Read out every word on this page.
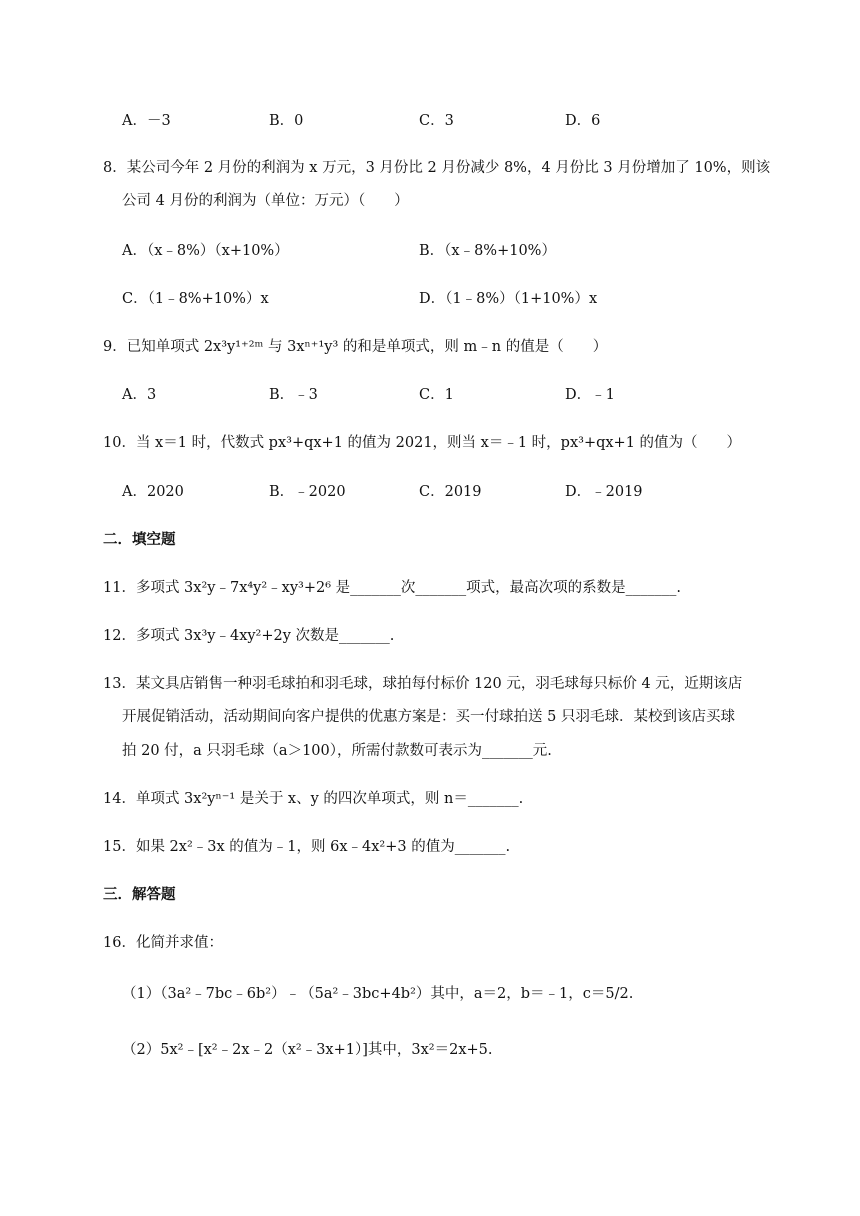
A．－3	B．0	C．3	D．6
8．某公司今年 2 月份的利润为 x 万元，3 月份比 2 月份减少 8%，4 月份比 3 月份增加了 10%，则该
公司 4 月份的利润为（单位：万元）（　　）
A．（x﹣8%）（x+10%）	B．（x﹣8%+10%）
C．（1﹣8%+10%）x	D．（1﹣8%）（1+10%）x
9．已知单项式 2x³y¹⁺²ᵐ 与 3xⁿ⁺¹y³ 的和是单项式，则 m﹣n 的值是（　　）
A．3	B．﹣3	C．1	D．﹣1
10．当 x＝1 时，代数式 px³+qx+1 的值为 2021，则当 x＝﹣1 时，px³+qx+1 的值为（　　）
A．2020	B．﹣2020	C．2019	D．﹣2019
二．填空题
11．多项式 3x²y﹣7x⁴y²﹣xy³+2⁶ 是_______次_______项式，最高次项的系数是_______.
12．多项式 3x³y﹣4xy²+2y 次数是_______.
13．某文具店销售一种羽毛球拍和羽毛球，球拍每付标价 120 元，羽毛球每只标价 4 元，近期该店
开展促销活动，活动期间向客户提供的优惠方案是：买一付球拍送 5 只羽毛球．某校到该店买球
拍 20 付，a 只羽毛球（a＞100），所需付款数可表示为_______元.
14．单项式 3x²yⁿ⁻¹ 是关于 x、y 的四次单项式，则 n＝_______.
15．如果 2x²﹣3x 的值为﹣1，则 6x﹣4x²+3 的值为_______.
三．解答题
16．化简并求值：
（1）（3a²﹣7bc﹣6b²）﹣（5a²﹣3bc+4b²）其中，a＝2，b＝﹣1，c＝5/2.
（2）5x²﹣[x²﹣2x﹣2（x²﹣3x+1）]其中，3x²＝2x+5.
